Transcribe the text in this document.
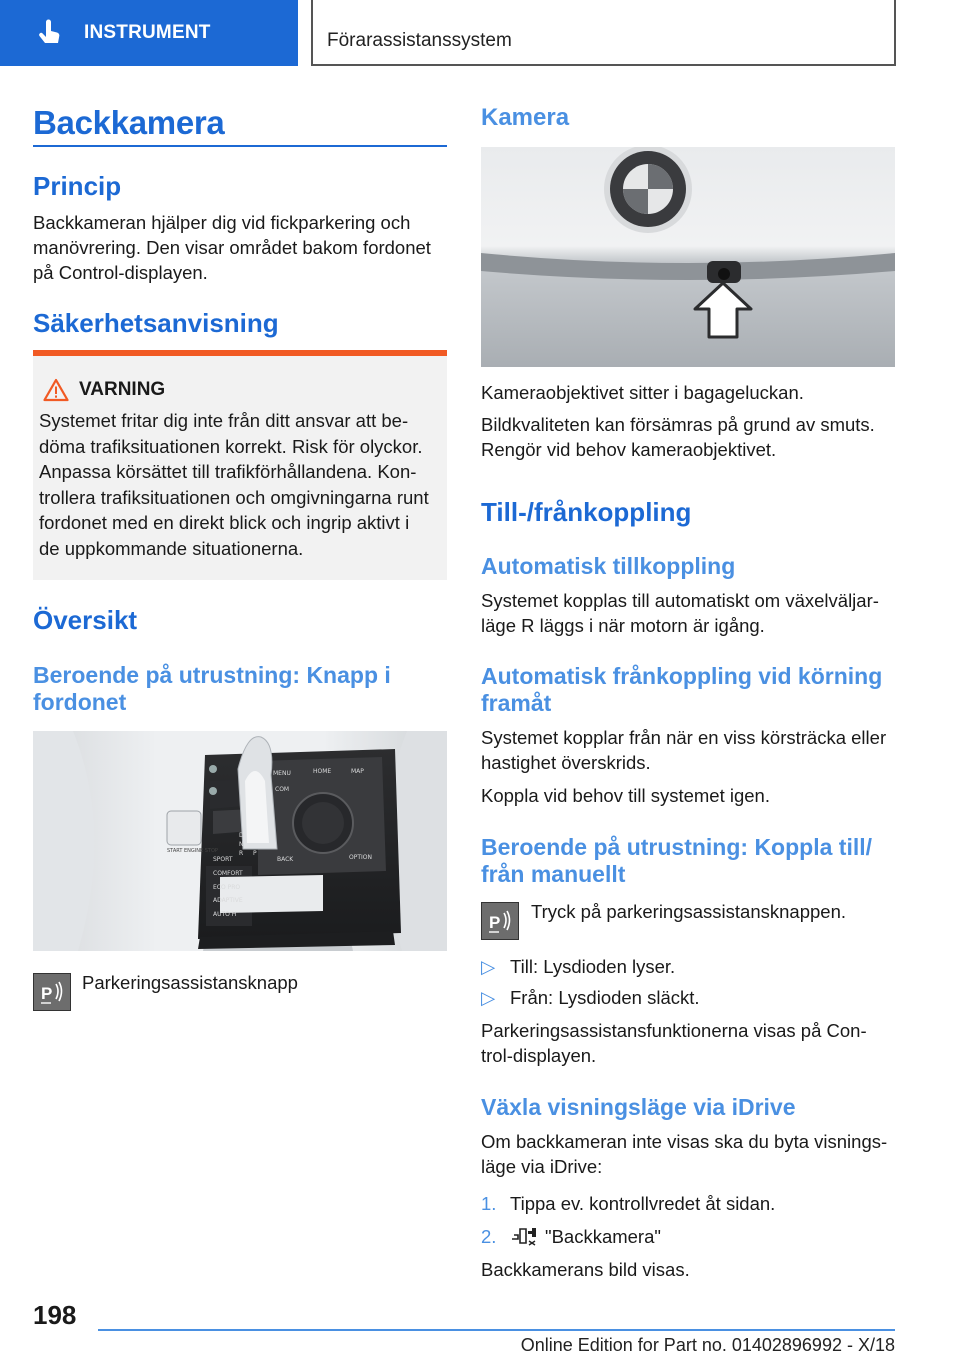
INSTRUMENT	Förarassistanssystem
Backkamera
Princip
Backkameran hjälper dig vid fickparkering och
manövrering. Den visar området bakom fordonet
på Control-displayen.
Säkerhetsanvisning
VARNING
Systemet fritar dig inte från ditt ansvar att be-
döma trafiksituationen korrekt. Risk för olyckor.
Anpassa körsättet till trafikförhållandena. Kon-
trollera trafiksituationen och omgivningarna runt
fordonet med en direkt blick och ingrip aktivt i
de uppkommande situationerna.
Översikt
Beroende på utrustning: Knapp i
fordonet
MENU	HOME	MAP
COM
BACK	OPTION
SPORT
COMFORT
ECO PRO
ADAPTIVE
AUTO H
START ENGINE STOP
D
N
R P
P
Parkeringsassistansknapp
Kamera
Kameraobjektivet sitter i bagageluckan.
Bildkvaliteten kan försämras på grund av smuts.
Rengör vid behov kameraobjektivet.
Till-/frånkoppling
Automatisk tillkoppling
Systemet kopplas till automatiskt om växelväljar-
läge R läggs i när motorn är igång.
Automatisk frånkoppling vid körning
framåt
Systemet kopplar från när en viss körsträcka eller
hastighet överskrids.
Koppla vid behov till systemet igen.
Beroende på utrustning: Koppla till/
från manuellt
P
Tryck på parkeringsassistansknappen.
▷ Till: Lysdioden lyser.
▷ Från: Lysdioden släckt.
Parkeringsassistansfunktionerna visas på Con-
trol-displayen.
Växla visningsläge via iDrive
Om backkameran inte visas ska du byta visnings-
läge via iDrive:
1. Tippa ev. kontrollvredet åt sidan.
2.	"Backkamera"
Backkamerans bild visas.
198
Online Edition for Part no. 01402896992 - X/18
